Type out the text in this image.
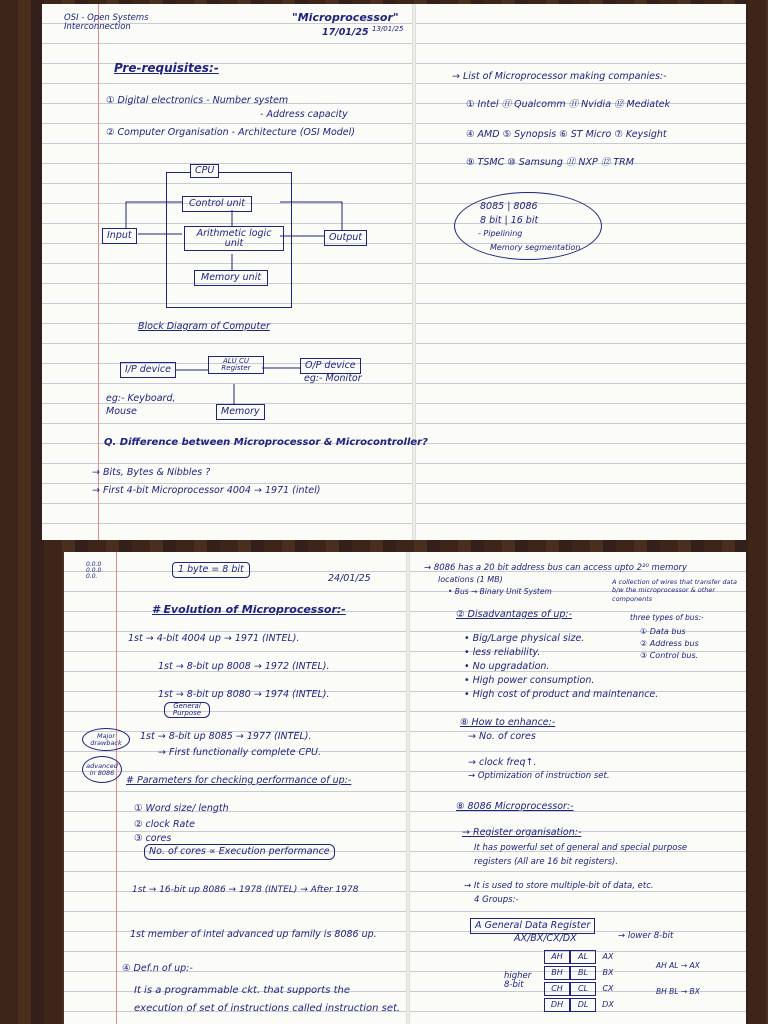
OSI - Open Systems Interconnection
"Microprocessor"
17/01/25 13/01/25
Pre-requisites:-
① Digital electronics - Number system
- Address capacity
② Computer Organisation - Architecture (OSI Model)
CPU
Control unit
Arithmetic logic unit
Input	Output
Memory unit
Block Diagram of Computer
I/P device
ALU CU Register	O/P device
eg:- Monitor
eg:- Keyboard, Mouse	Memory
Q. Difference between Microprocessor & Microcontroller?
→ Bits, Bytes & Nibbles ?
→ First 4-bit Microprocessor 4004 → 1971 (intel)
→ List of Microprocessor making companies:-
① Intel ⑪ Qualcomm ⑪ Nvidia ⑫ Mediatek
④ AMD ⑤ Synopsis ⑥ ST Micro ⑦ Keysight
⑨ TSMC ⑩ Samsung ⑪ NXP ⑫ TRM
8085 | 8086
8 bit | 16 bit
- Pipelining
Memory segmentation
0.0.0 0.0.0 0.0.
1 byte = 8 bit
24/01/25
# Evolution of Microprocessor:-
1st → 4-bit 4004 up → 1971 (INTEL).
1st → 8-bit up 8008 → 1972 (INTEL).
1st → 8-bit up 8080 → 1974 (INTEL).
General Purpose
Major drawback
1st → 8-bit up 8085 → 1977 (INTEL).
→ First functionally complete CPU.
advanced in 8086
# Parameters for checking performance of up:-
① Word size/ length
② clock Rate
③ cores
No. of cores ∝ Execution performance
1st → 16-bit up 8086 → 1978 (INTEL) → After 1978
1st member of intel advanced up family is 8086 up.
④ Def.n of up:-
It is a programmable ckt. that supports the
execution of set of instructions called instruction set.
→ 8086 has a 20 bit address bus can access upto 2²⁰ memory
locations (1 MB)
• Bus → Binary Unit System
A collection of wires that transfer data b/w the microprocessor & other components
② Disadvantages of up:-
• Big/Large physical size.
• less reliability.
• No upgradation.
• High power consumption.
• High cost of product and maintenance.
three types of bus:-
① Data bus
② Address bus
③ Control bus.
⑧ How to enhance:-
→ No. of cores
→ clock freq↑.
→ Optimization of instruction set.
⑧ 8086 Microprocessor:-
→ Register organisation:-
It has powerful set of general and special purpose
registers (All are 16 bit registers).
→ It is used to store multiple-bit of data, etc.
4 Groups:-
A General Data Register
AX/BX/CX/DX	→ lower 8-bit
higher 8-bit
AH	AL	AX
BH	BL	BX
CH	CL	CX
DH	DL	DX
AH AL → AX
BH BL → BX
